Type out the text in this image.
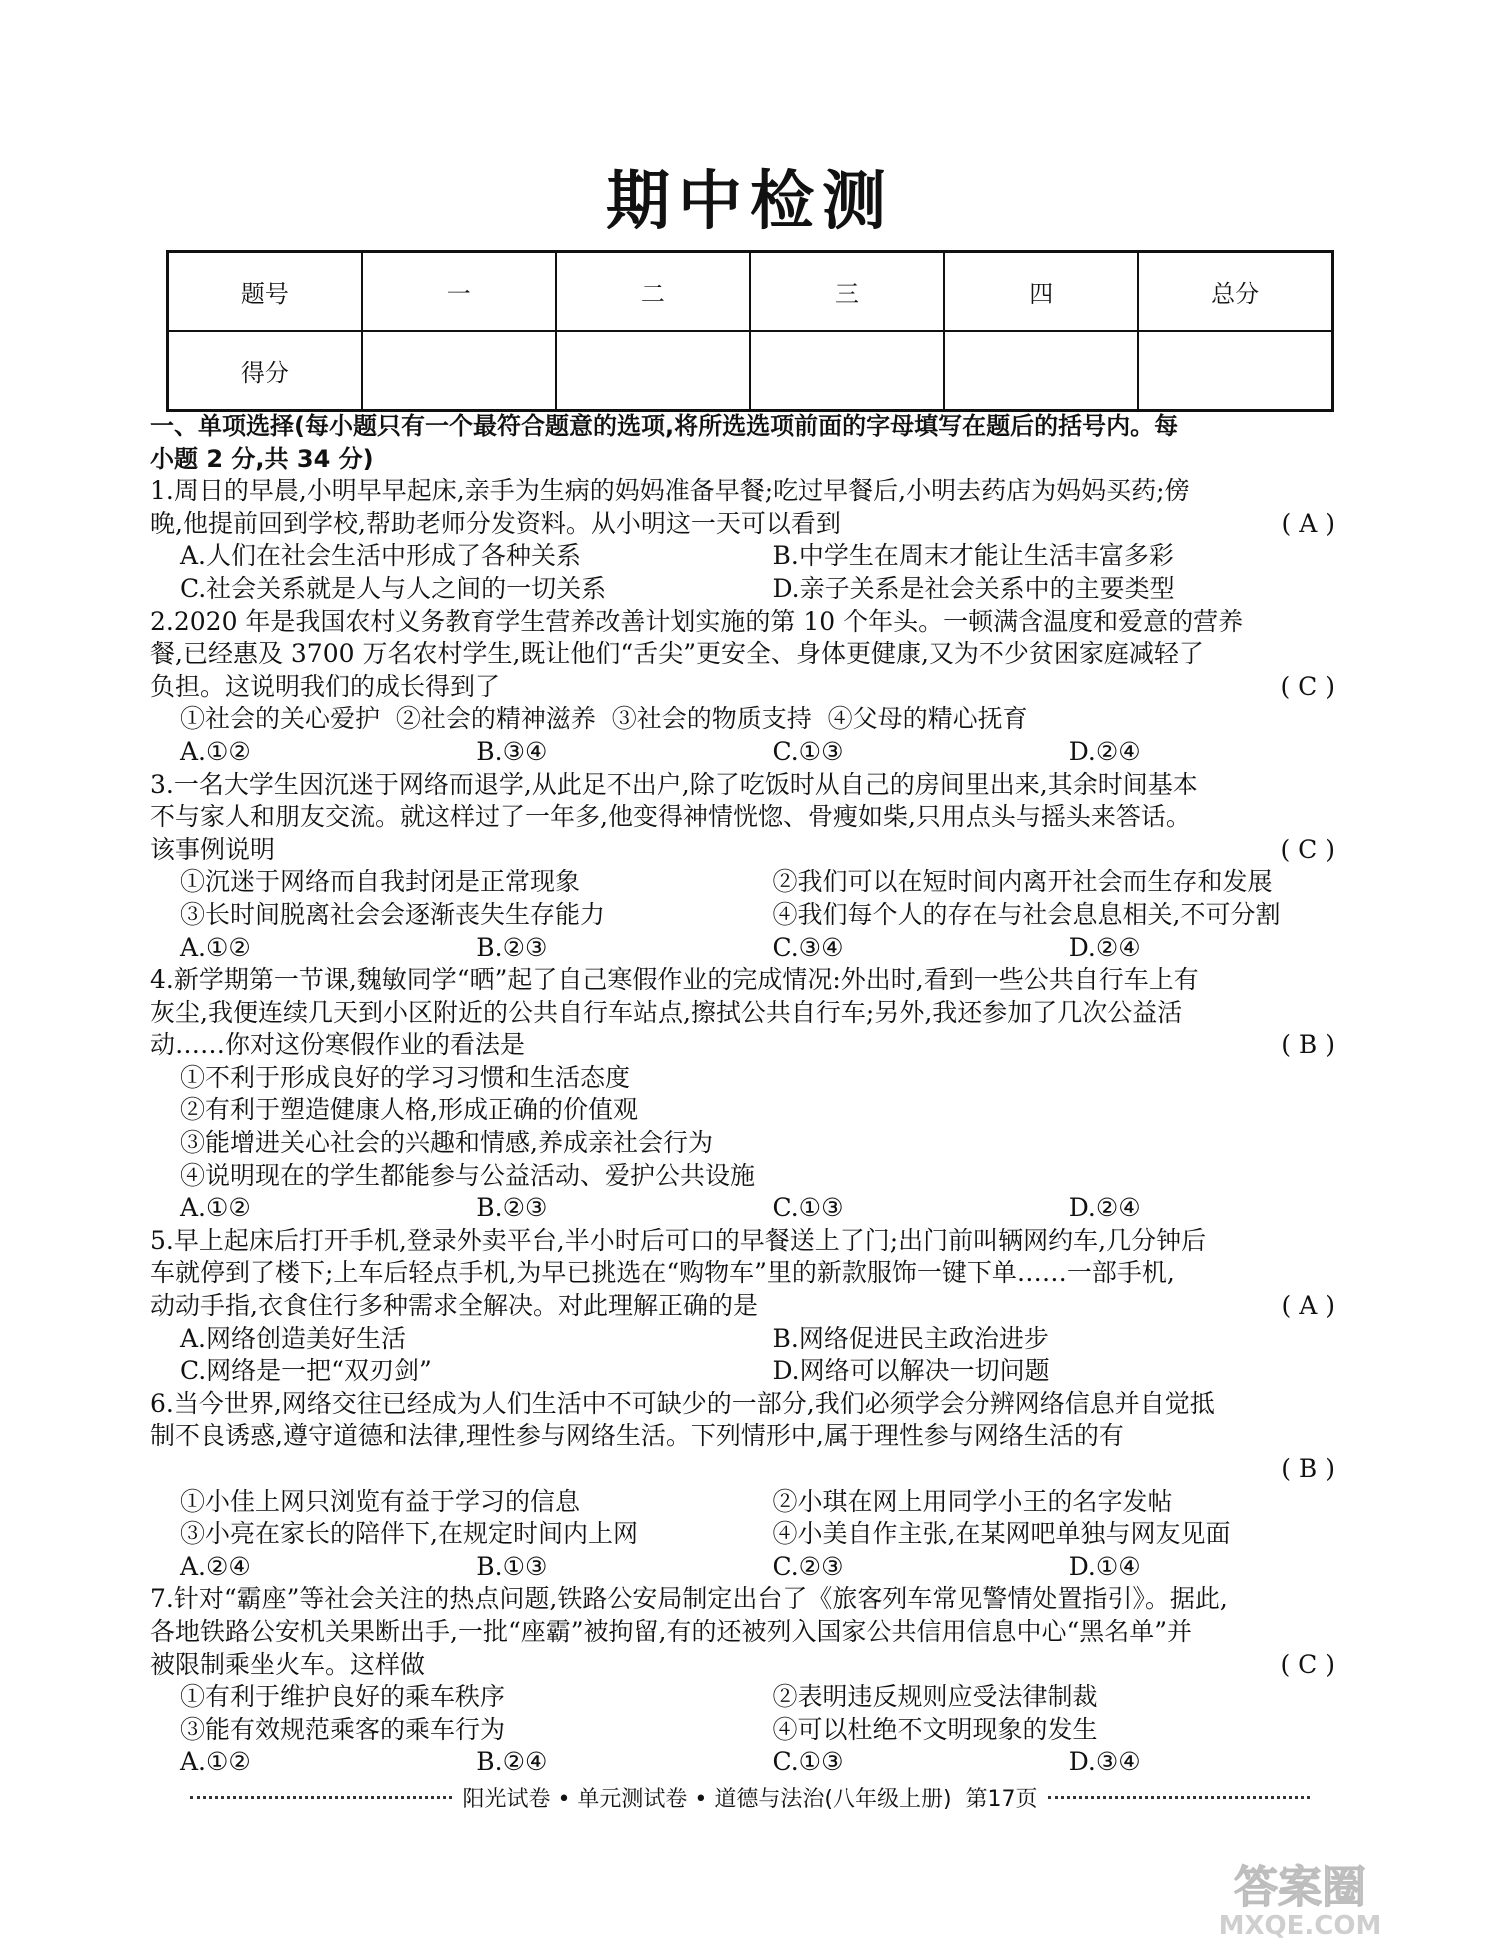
期中检测
题号	一	二	三	四	总分
得分					
一、单项选择(每小题只有一个最符合题意的选项,将所选选项前面的字母填写在题后的括号内。每
小题 2 分,共 34 分)
1.周日的早晨,小明早早起床,亲手为生病的妈妈准备早餐;吃过早餐后,小明去药店为妈妈买药;傍
晚,他提前回到学校,帮助老师分发资料。从小明这一天可以看到	( A )
A.人们在社会生活中形成了各种关系	B.中学生在周末才能让生活丰富多彩
C.社会关系就是人与人之间的一切关系	D.亲子关系是社会关系中的主要类型
2.2020 年是我国农村义务教育学生营养改善计划实施的第 10 个年头。一顿满含温度和爱意的营养
餐,已经惠及 3700 万名农村学生,既让他们“舌尖”更安全、身体更健康,又为不少贫困家庭减轻了
负担。这说明我们的成长得到了	( C )
①社会的关心爱护  ②社会的精神滋养  ③社会的物质支持  ④父母的精心抚育
A.①②	B.③④	C.①③	D.②④
3.一名大学生因沉迷于网络而退学,从此足不出户,除了吃饭时从自己的房间里出来,其余时间基本
不与家人和朋友交流。就这样过了一年多,他变得神情恍惚、骨瘦如柴,只用点头与摇头来答话。
该事例说明	( C )
①沉迷于网络而自我封闭是正常现象	②我们可以在短时间内离开社会而生存和发展
③长时间脱离社会会逐渐丧失生存能力	④我们每个人的存在与社会息息相关,不可分割
A.①②	B.②③	C.③④	D.②④
4.新学期第一节课,魏敏同学“晒”起了自己寒假作业的完成情况:外出时,看到一些公共自行车上有
灰尘,我便连续几天到小区附近的公共自行车站点,擦拭公共自行车;另外,我还参加了几次公益活
动……你对这份寒假作业的看法是	( B )
①不利于形成良好的学习习惯和生活态度
②有利于塑造健康人格,形成正确的价值观
③能增进关心社会的兴趣和情感,养成亲社会行为
④说明现在的学生都能参与公益活动、爱护公共设施
A.①②	B.②③	C.①③	D.②④
5.早上起床后打开手机,登录外卖平台,半小时后可口的早餐送上了门;出门前叫辆网约车,几分钟后
车就停到了楼下;上车后轻点手机,为早已挑选在“购物车”里的新款服饰一键下单……一部手机,
动动手指,衣食住行多种需求全解决。对此理解正确的是	( A )
A.网络创造美好生活	B.网络促进民主政治进步
C.网络是一把“双刃剑”	D.网络可以解决一切问题
6.当今世界,网络交往已经成为人们生活中不可缺少的一部分,我们必须学会分辨网络信息并自觉抵
制不良诱惑,遵守道德和法律,理性参与网络生活。下列情形中,属于理性参与网络生活的有
( B )
①小佳上网只浏览有益于学习的信息	②小琪在网上用同学小王的名字发帖
③小亮在家长的陪伴下,在规定时间内上网	④小美自作主张,在某网吧单独与网友见面
A.②④	B.①③	C.②③	D.①④
7.针对“霸座”等社会关注的热点问题,铁路公安局制定出台了《旅客列车常见警情处置指引》。据此,
各地铁路公安机关果断出手,一批“座霸”被拘留,有的还被列入国家公共信用信息中心“黑名单”并
被限制乘坐火车。这样做	( C )
①有利于维护良好的乘车秩序	②表明违反规则应受法律制裁
③能有效规范乘客的乘车行为	④可以杜绝不文明现象的发生
A.①②	B.②④	C.①③	D.③④
阳光试卷 • 单元测试卷 • 道德与法治(八年级上册)  第17页
答案圈
MXQE.COM
